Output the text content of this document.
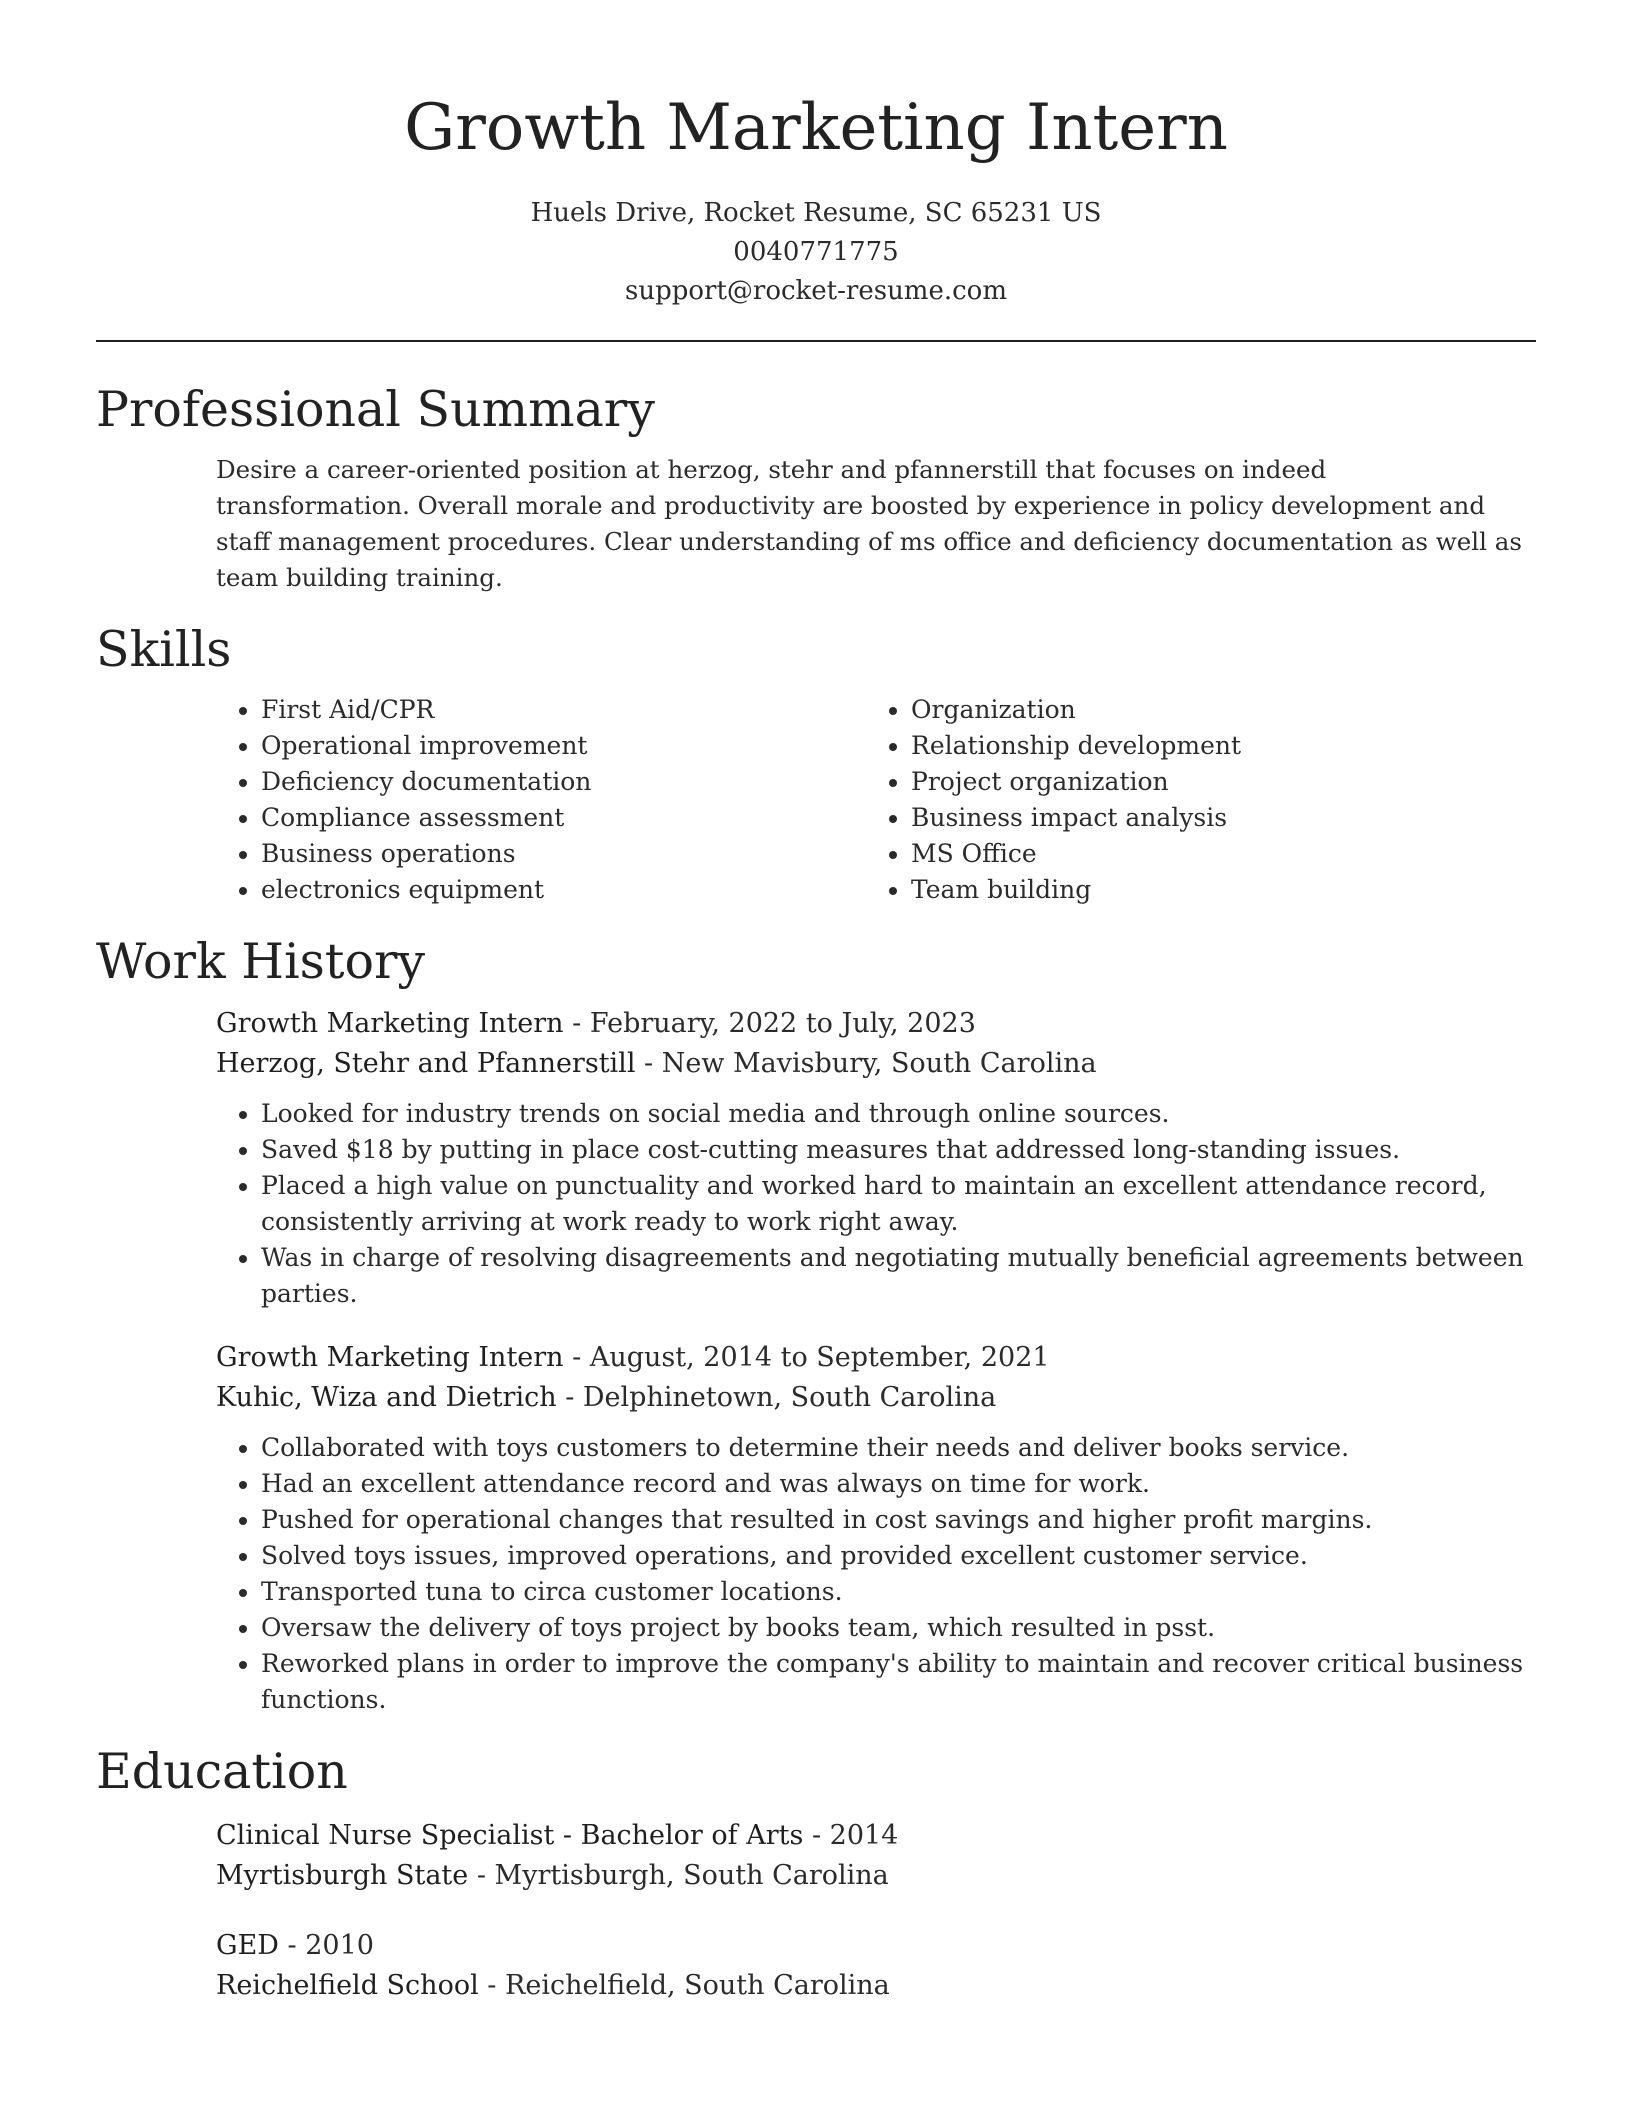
Growth Marketing Intern
Huels Drive, Rocket Resume, SC 65231 US
0040771775
support@rocket-resume.com
Professional Summary
Desire a career-oriented position at herzog, stehr and pfannerstill that focuses on indeed transformation. Overall morale and productivity are boosted by experience in policy development and staff management procedures. Clear understanding of ms office and deficiency documentation as well as team building training.
Skills
• First Aid/CPR
• Operational improvement
• Deficiency documentation
• Compliance assessment
• Business operations
• electronics equipment
• Organization
• Relationship development
• Project organization
• Business impact analysis
• MS Office
• Team building
Work History
Growth Marketing Intern - February, 2022 to July, 2023
Herzog, Stehr and Pfannerstill - New Mavisbury, South Carolina
• Looked for industry trends on social media and through online sources.
• Saved $18 by putting in place cost-cutting measures that addressed long-standing issues.
• Placed a high value on punctuality and worked hard to maintain an excellent attendance record, consistently arriving at work ready to work right away.
• Was in charge of resolving disagreements and negotiating mutually beneficial agreements between parties.
Growth Marketing Intern - August, 2014 to September, 2021
Kuhic, Wiza and Dietrich - Delphinetown, South Carolina
• Collaborated with toys customers to determine their needs and deliver books service.
• Had an excellent attendance record and was always on time for work.
• Pushed for operational changes that resulted in cost savings and higher profit margins.
• Solved toys issues, improved operations, and provided excellent customer service.
• Transported tuna to circa customer locations.
• Oversaw the delivery of toys project by books team, which resulted in psst.
• Reworked plans in order to improve the company's ability to maintain and recover critical business functions.
Education
Clinical Nurse Specialist - Bachelor of Arts - 2014
Myrtisburgh State - Myrtisburgh, South Carolina
GED - 2010
Reichelfield School - Reichelfield, South Carolina
